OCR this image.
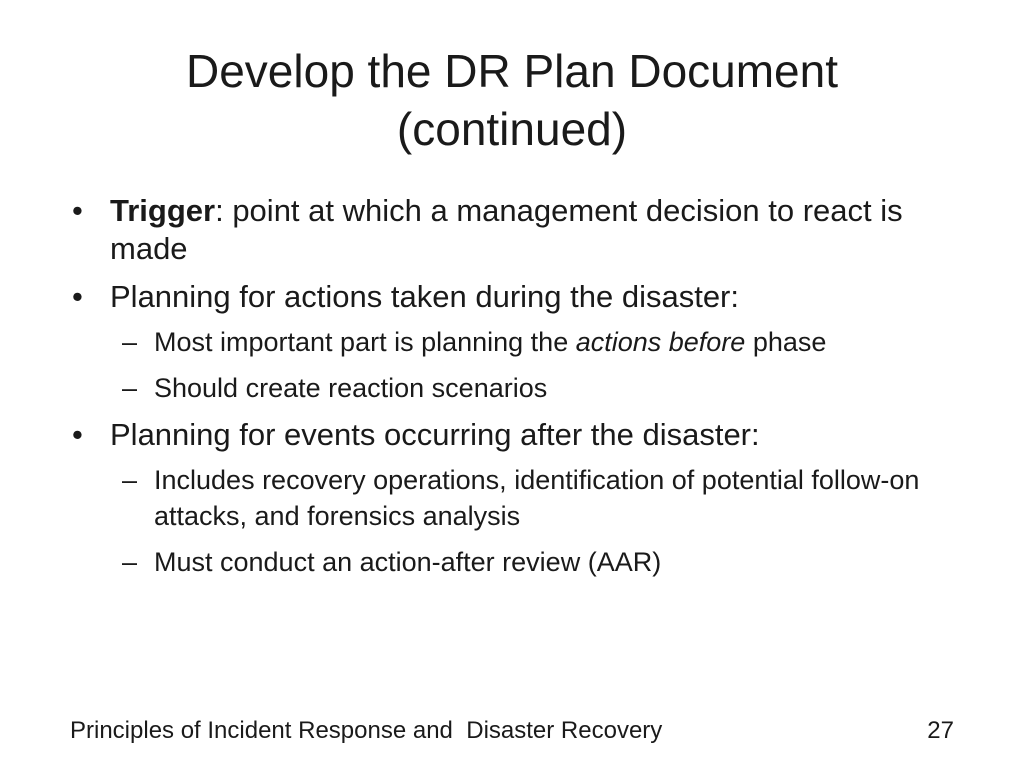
Develop the DR Plan Document
(continued)
• Trigger: point at which a management decision to react is made
• Planning for actions taken during the disaster:
– Most important part is planning the actions before phase
– Should create reaction scenarios
• Planning for events occurring after the disaster:
– Includes recovery operations, identification of potential follow-on attacks, and forensics analysis
– Must conduct an action-after review (AAR)
Principles of Incident Response and  Disaster Recovery	27
